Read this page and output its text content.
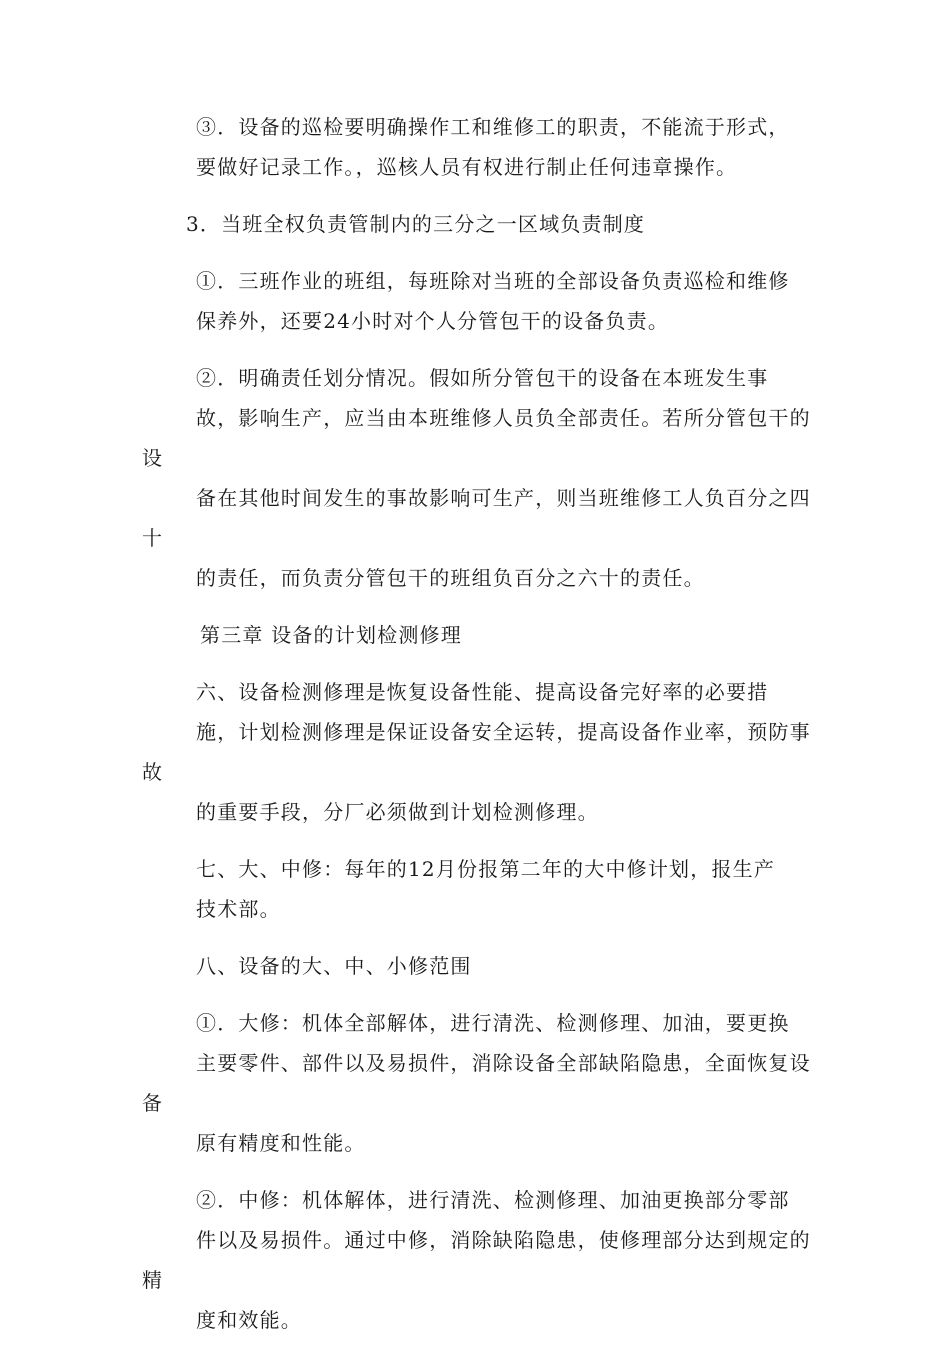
③．设备的巡检要明确操作工和维修工的职责，不能流于形式，
要做好记录工作。，巡核人员有权进行制止任何违章操作。

3．当班全权负责管制内的三分之一区域负责制度

①．三班作业的班组，每班除对当班的全部设备负责巡检和维修
保养外，还要24小时对个人分管包干的设备负责。

②．明确责任划分情况。假如所分管包干的设备在本班发生事
故，影响生产，应当由本班维修人员负全部责任。若所分管包干的设
备在其他时间发生的事故影响可生产，则当班维修工人负百分之四十
的责任，而负责分管包干的班组负百分之六十的责任。

第三章 设备的计划检测修理

六、设备检测修理是恢复设备性能、提高设备完好率的必要措
施，计划检测修理是保证设备安全运转，提高设备作业率，预防事故
的重要手段，分厂必须做到计划检测修理。

七、大、中修：每年的12月份报第二年的大中修计划，报生产
技术部。

八、设备的大、中、小修范围

①．大修：机体全部解体，进行清洗、检测修理、加油，要更换
主要零件、部件以及易损件，消除设备全部缺陷隐患，全面恢复设备
原有精度和性能。

②．中修：机体解体，进行清洗、检测修理、加油更换部分零部
件以及易损件。通过中修，消除缺陷隐患，使修理部分达到规定的精
度和效能。
